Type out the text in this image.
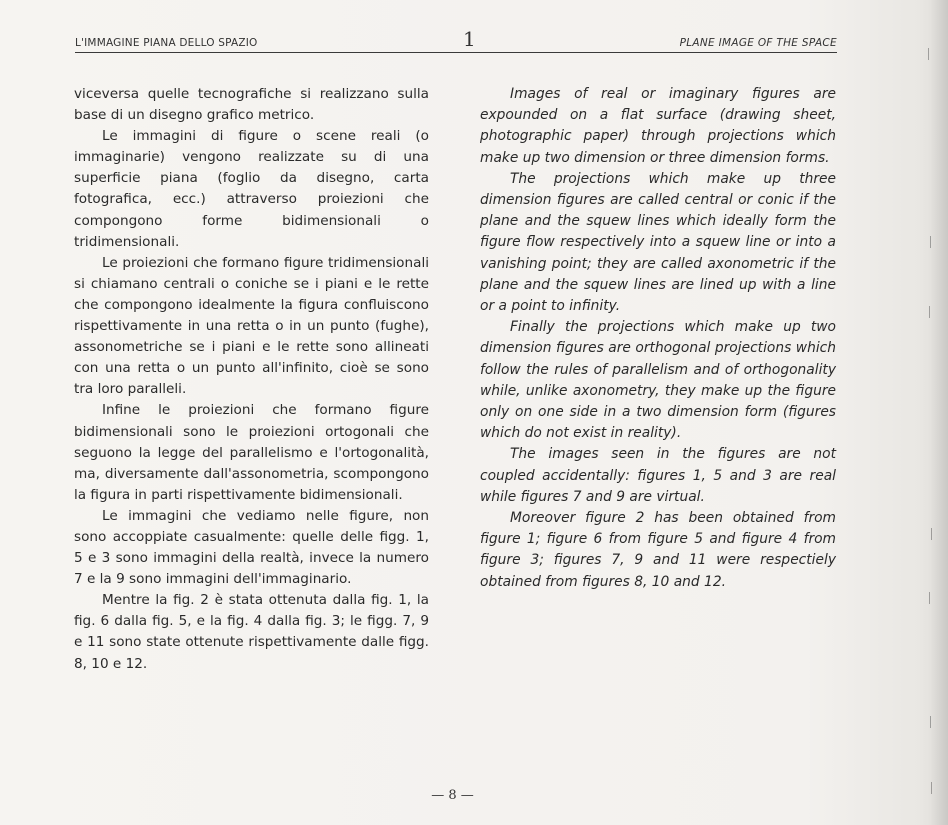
L'IMMAGINE PIANA DELLO SPAZIO	1	PLANE IMAGE OF THE SPACE

viceversa quelle tecnografiche si realizzano sulla base di un disegno grafico metrico.

Le immagini di figure o scene reali (o immaginarie) vengono realizzate su di una superficie piana (foglio da disegno, carta fotografica, ecc.) attraverso proiezioni che compongono forme bidimensionali o tridimensionali.

Le proiezioni che formano figure tridimensionali si chiamano centrali o coniche se i piani e le rette che compongono idealmente la figura confluiscono rispettivamente in una retta o in un punto (fughe), assonometriche se i piani e le rette sono allineati con una retta o un punto all'infinito, cioè se sono tra loro paralleli.

Infine le proiezioni che formano figure bidimensionali sono le proiezioni ortogonali che seguono la legge del parallelismo e l'ortogonalità, ma, diversamente dall'assonometria, scompongono la figura in parti rispettivamente bidimensionali.

Le immagini che vediamo nelle figure, non sono accoppiate casualmente: quelle delle figg. 1, 5 e 3 sono immagini della realtà, invece la numero 7 e la 9 sono immagini dell'immaginario.

Mentre la fig. 2 è stata ottenuta dalla fig. 1, la fig. 6 dalla fig. 5, e la fig. 4 dalla fig. 3; le figg. 7, 9 e 11 sono state ottenute rispettivamente dalle figg. 8, 10 e 12.

Images of real or imaginary figures are expounded on a flat surface (drawing sheet, photographic paper) through projections which make up two dimension or three dimension forms.

The projections which make up three dimension figures are called central or conic if the plane and the squew lines which ideally form the figure flow respectively into a squew line or into a vanishing point; they are called axonometric if the plane and the squew lines are lined up with a line or a point to infinity.

Finally the projections which make up two dimension figures are orthogonal projections which follow the rules of parallelism and of orthogonality while, unlike axonometry, they make up the figure only on one side in a two dimension form (figures which do not exist in reality).

The images seen in the figures are not coupled accidentally: figures 1, 5 and 3 are real while figures 7 and 9 are virtual.

Moreover figure 2 has been obtained from figure 1; figure 6 from figure 5 and figure 4 from figure 3; figures 7, 9 and 11 were respectiely obtained from figures 8, 10 and 12.

— 8 —
